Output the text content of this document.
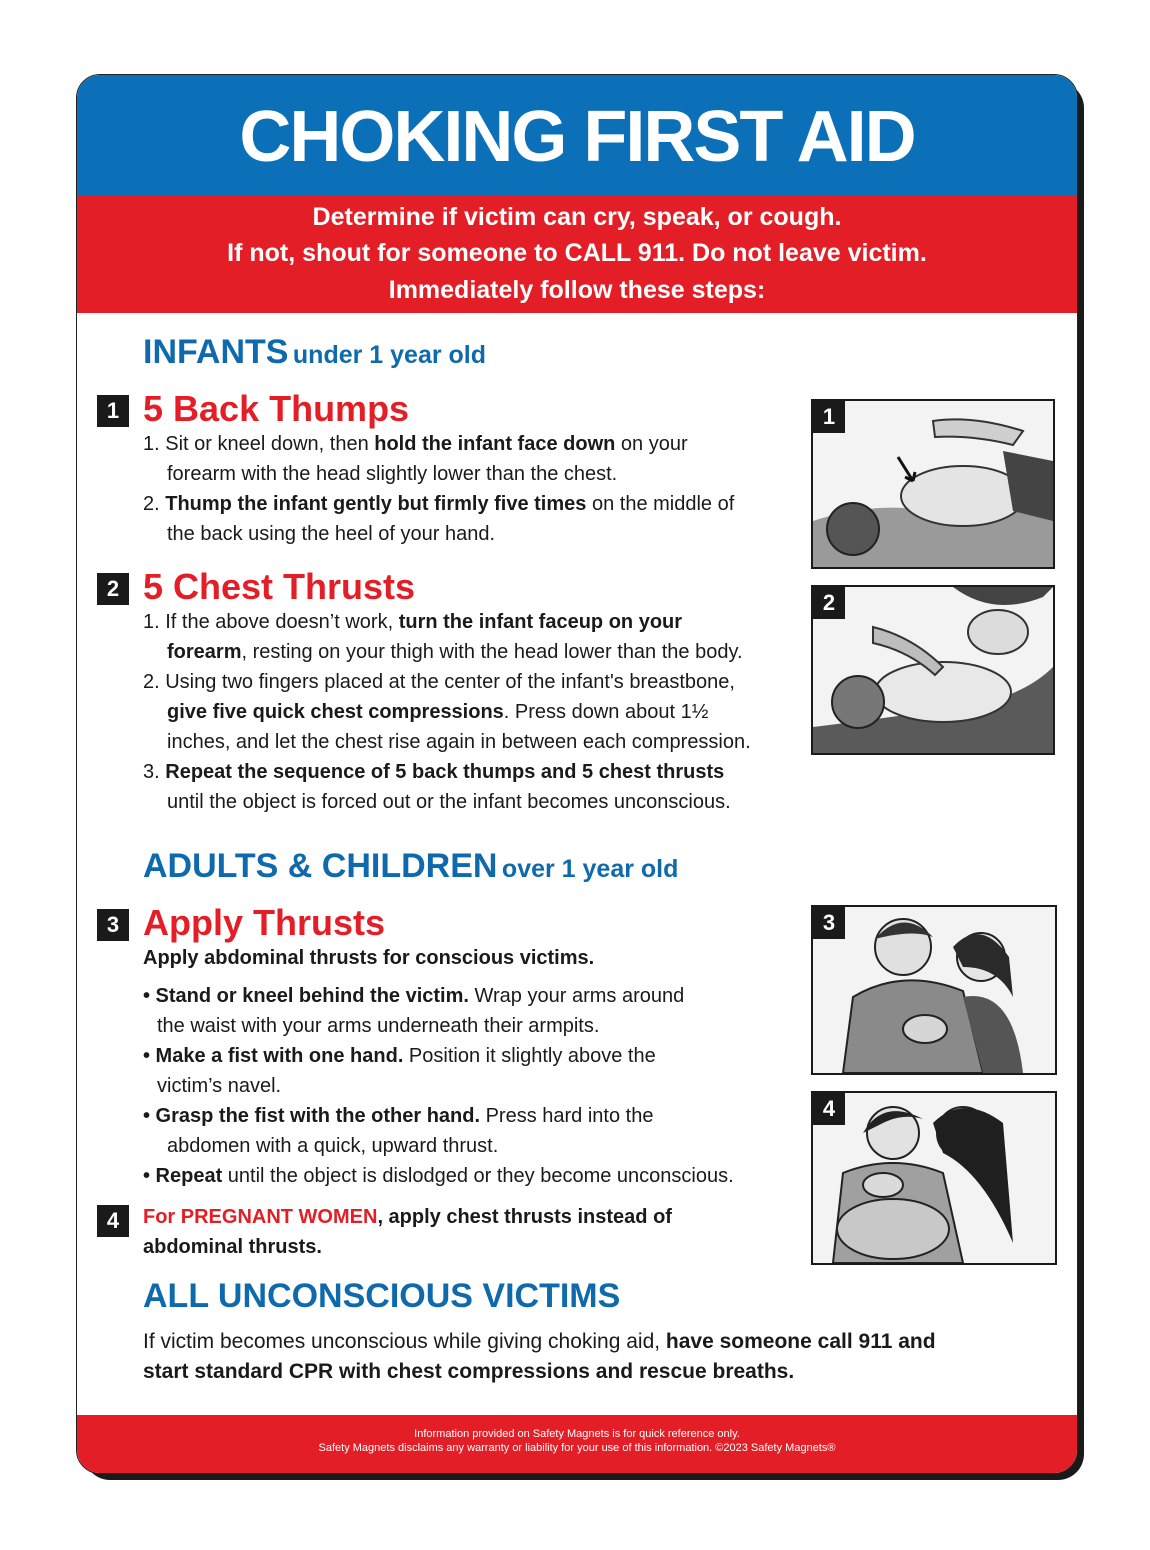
CHOKING FIRST AID
Determine if victim can cry, speak, or cough.
If not, shout for someone to CALL 911. Do not leave victim.
Immediately follow these steps:
INFANTS under 1 year old
1 5 Back Thumps

1. Sit or kneel down, then hold the infant face down on your

forearm with the head slightly lower than the chest.

2. Thump the infant gently but firmly five times on the middle of

the back using the heel of your hand.

2 5 Chest Thrusts

1. If the above doesn’t work, turn the infant faceup on your

forearm, resting on your thigh with the head lower than the body.

2. Using two fingers placed at the center of the infant's breastbone,

give five quick chest compressions. Press down about 1½

inches, and let the chest rise again in between each compression.

3. Repeat the sequence of 5 back thumps and 5 chest thrusts

until the object is forced out or the infant becomes unconscious.

ADULTS & CHILDREN over 1 year old
3 Apply Thrusts

Apply abdominal thrusts for conscious victims.

• Stand or kneel behind the victim. Wrap your arms around

the waist with your arms underneath their armpits.

• Make a fist with one hand. Position it slightly above the

victim’s navel.

• Grasp the fist with the other hand. Press hard into the

abdomen with a quick, upward thrust.

• Repeat until the object is dislodged or they become unconscious.

4	For PREGNANT WOMEN, apply chest thrusts instead of

abdominal thrusts.

ALL UNCONSCIOUS VICTIMS

If victim becomes unconscious while giving choking aid, have someone call 911 and

start standard CPR with chest compressions and rescue breaths.

1
2
3
4
Information provided on Safety Magnets is for quick reference only.
Safety Magnets disclaims any warranty or liability for your use of this information. ©2023 Safety Magnets®
